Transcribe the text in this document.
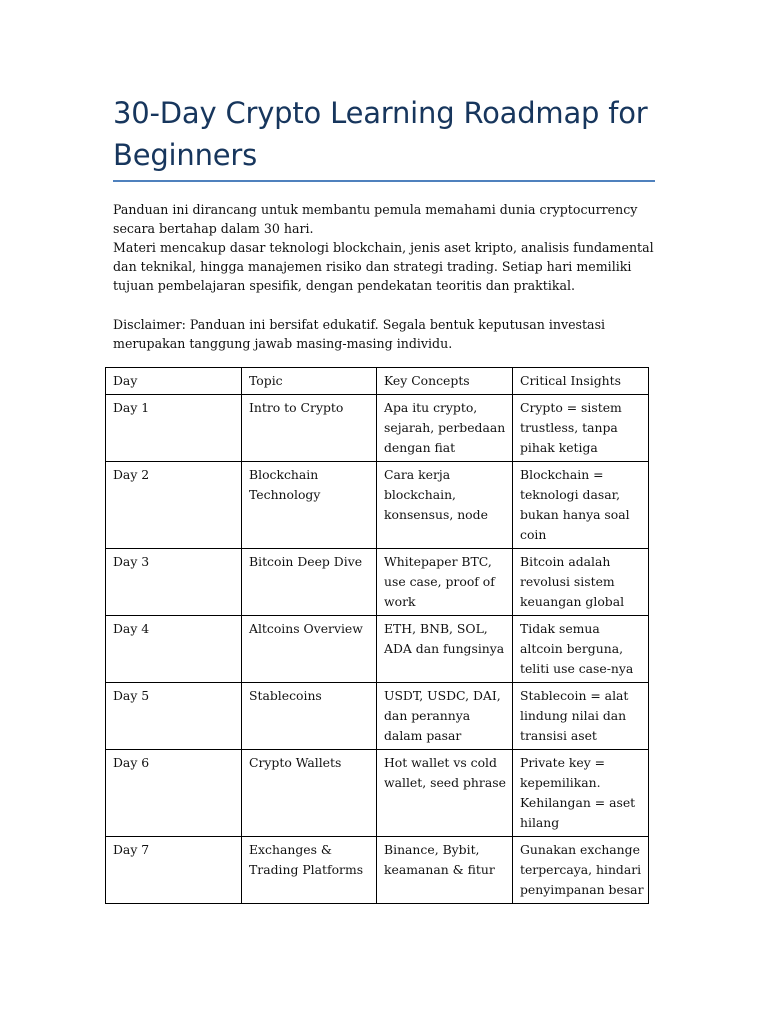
30-Day Crypto Learning Roadmap for Beginners

Panduan ini dirancang untuk membantu pemula memahami dunia cryptocurrency secara bertahap dalam 30 hari.

Materi mencakup dasar teknologi blockchain, jenis aset kripto, analisis fundamental dan teknikal, hingga manajemen risiko dan strategi trading. Setiap hari memiliki tujuan pembelajaran spesifik, dengan pendekatan teoritis dan praktikal.

Disclaimer: Panduan ini bersifat edukatif. Segala bentuk keputusan investasi merupakan tanggung jawab masing-masing individu.
Day	Topic	Key Concepts	Critical Insights
Day 1	Intro to Crypto	Apa itu crypto, sejarah, perbedaan dengan fiat	Crypto = sistem trustless, tanpa pihak ketiga
Day 2	Blockchain Technology	Cara kerja blockchain, konsensus, node	Blockchain = teknologi dasar, bukan hanya soal coin
Day 3	Bitcoin Deep Dive	Whitepaper BTC, use case, proof of work	Bitcoin adalah revolusi sistem keuangan global
Day 4	Altcoins Overview	ETH, BNB, SOL, ADA dan fungsinya	Tidak semua altcoin berguna, teliti use case-nya
Day 5	Stablecoins	USDT, USDC, DAI, dan perannya dalam pasar	Stablecoin = alat lindung nilai dan transisi aset
Day 6	Crypto Wallets	Hot wallet vs cold wallet, seed phrase	Private key = kepemilikan. Kehilangan = aset hilang
Day 7	Exchanges & Trading Platforms	Binance, Bybit, keamanan & fitur	Gunakan exchange terpercaya, hindari penyimpanan besar
